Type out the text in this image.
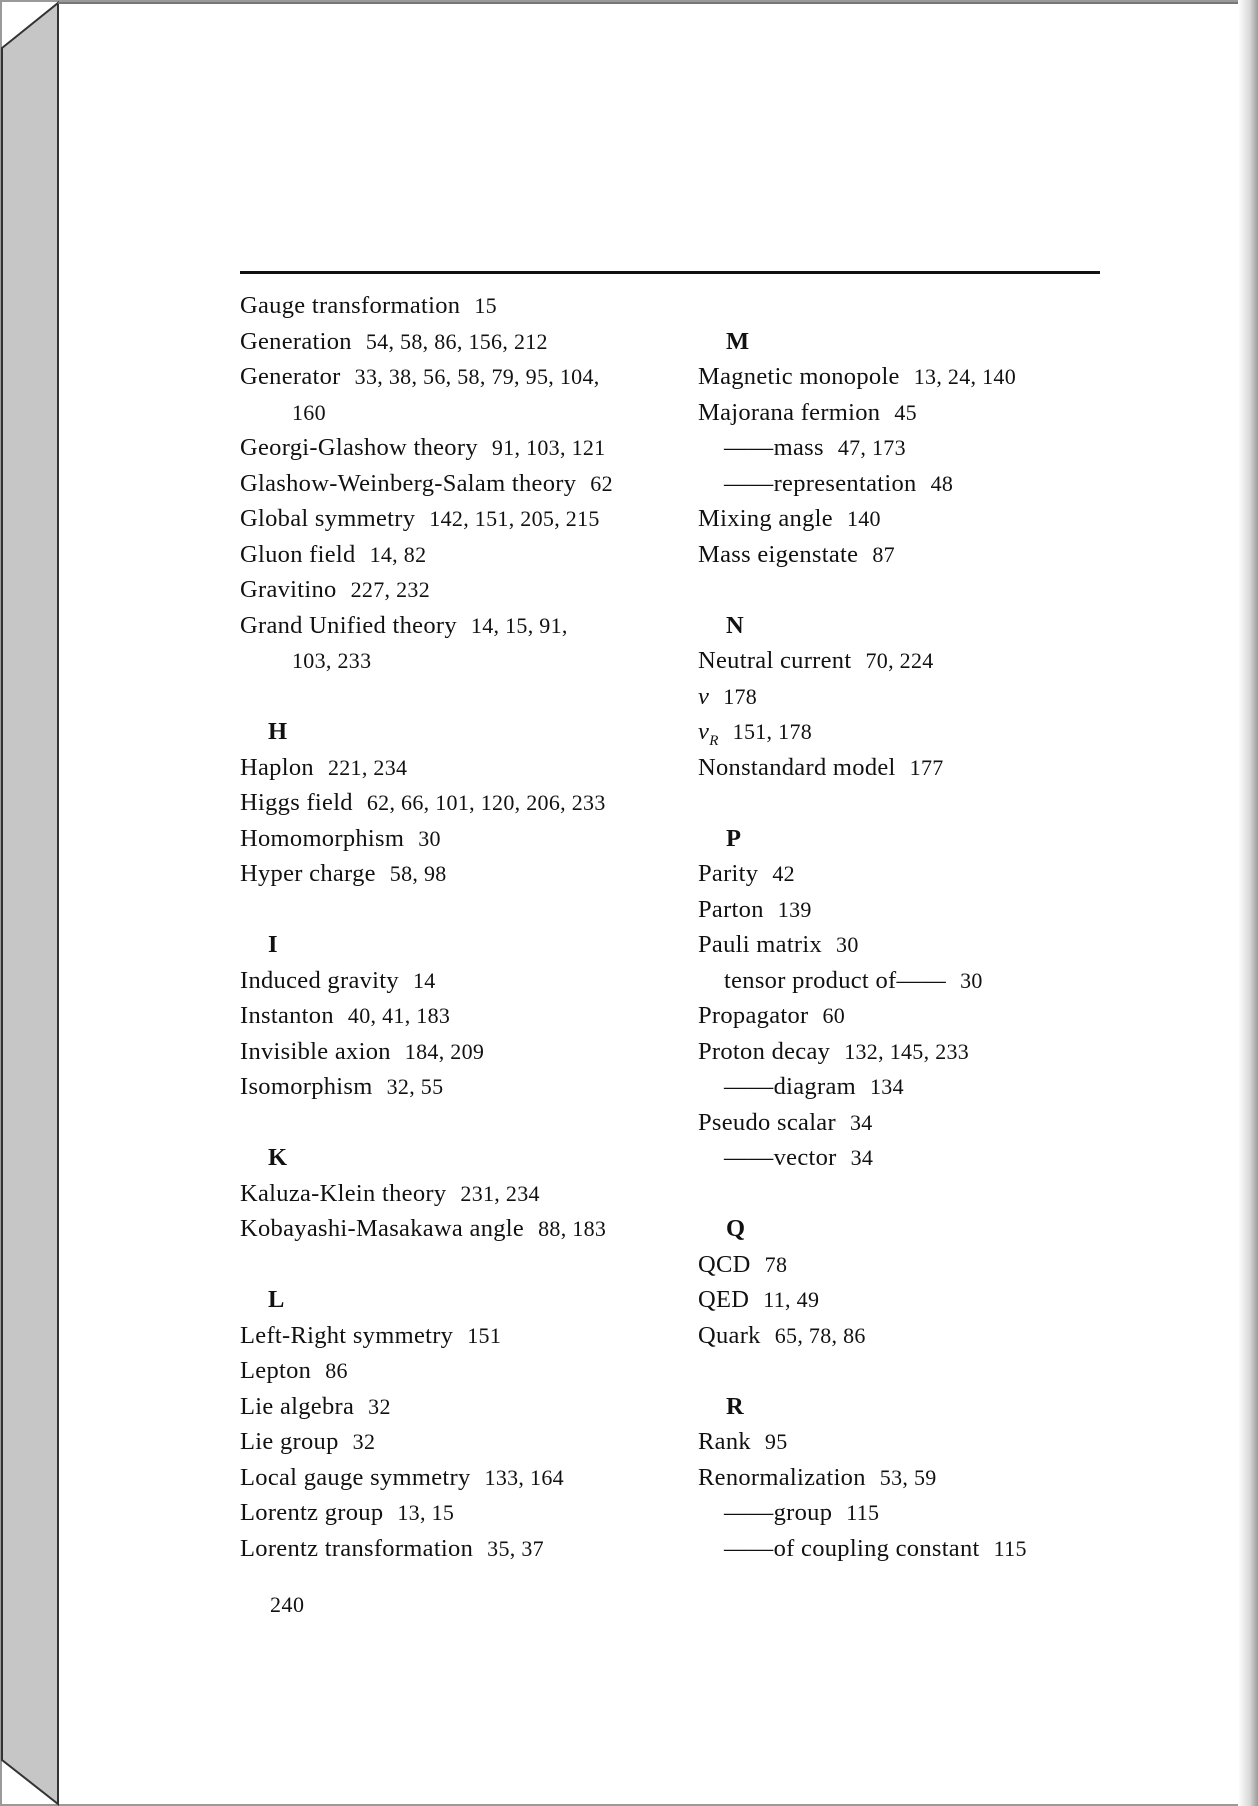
Gauge transformation 15
Generation 54, 58, 86, 156, 212
Generator 33, 38, 56, 58, 79, 95, 104,
160
Georgi-Glashow theory 91, 103, 121
Glashow-Weinberg-Salam theory 62
Global symmetry 142, 151, 205, 215
Gluon field 14, 82
Gravitino 227, 232
Grand Unified theory 14, 15, 91,
103, 233
H
Haplon 221, 234
Higgs field 62, 66, 101, 120, 206, 233
Homomorphism 30
Hyper charge 58, 98
I
Induced gravity 14
Instanton 40, 41, 183
Invisible axion 184, 209
Isomorphism 32, 55
K
Kaluza-Klein theory 231, 234
Kobayashi-Masakawa angle 88, 183
L
Left-Right symmetry 151
Lepton 86
Lie algebra 32
Lie group 32
Local gauge symmetry 133, 164
Lorentz group 13, 15
Lorentz transformation 35, 37
M
Magnetic monopole 13, 24, 140
Majorana fermion 45
——mass 47, 173
——representation 48
Mixing angle 140
Mass eigenstate 87
N
Neutral current 70, 224
ν 178
$\nu_R$ 151, 178
Nonstandard model 177
P
Parity 42
Parton 139
Pauli matrix 30
tensor product of—— 30
Propagator 60
Proton decay 132, 145, 233
——diagram 134
Pseudo scalar 34
——vector 34
Q
QCD 78
QED 11, 49
Quark 65, 78, 86
R
Rank 95
Renormalization 53, 59
——group 115
——of coupling constant 115
240
